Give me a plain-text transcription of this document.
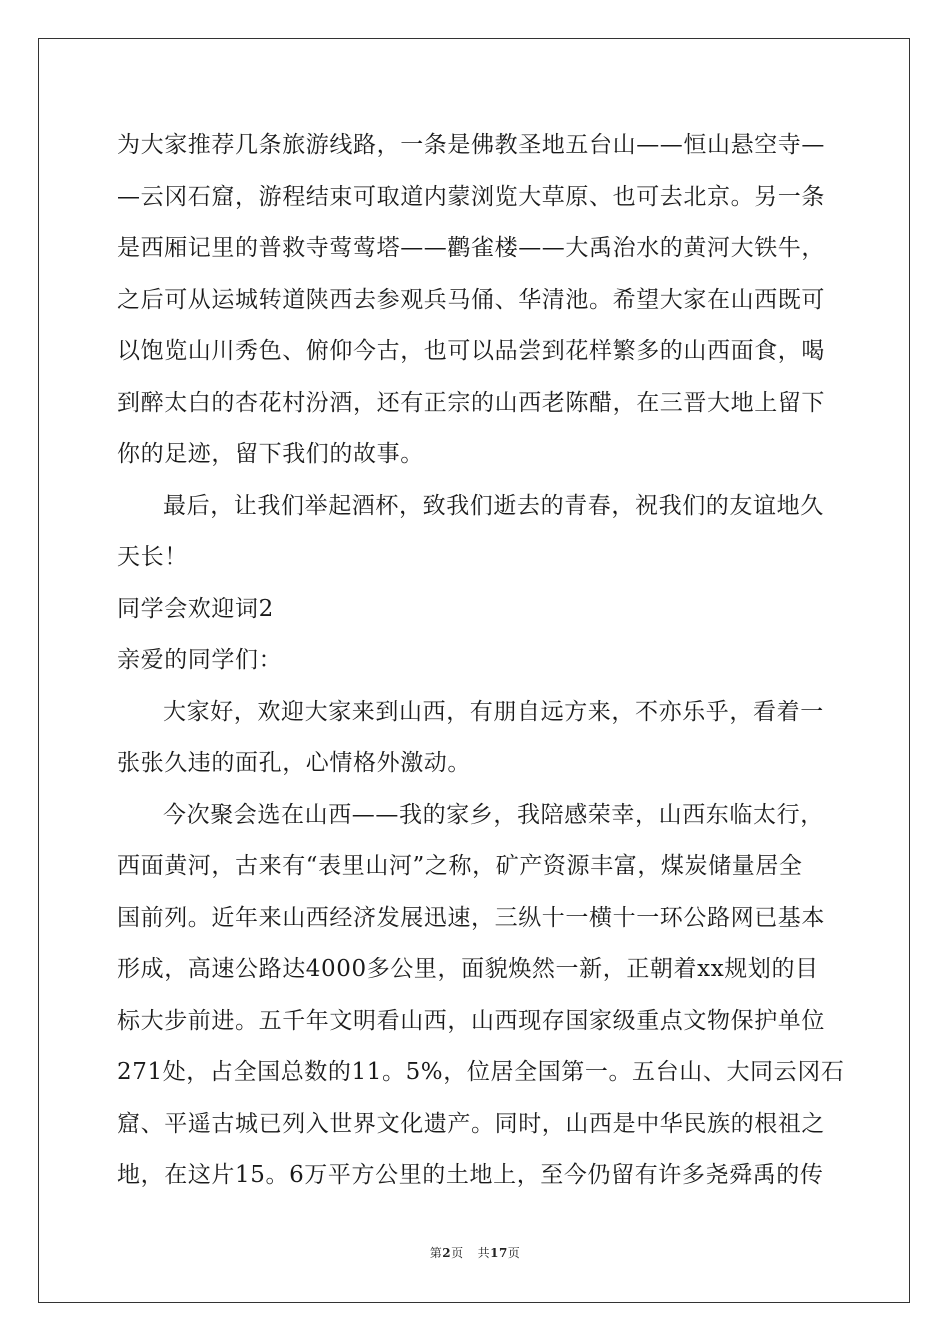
为大家推荐几条旅游线路，一条是佛教圣地五台山——恒山悬空寺—
—云冈石窟，游程结束可取道内蒙浏览大草原、也可去北京。另一条
是西厢记里的普救寺莺莺塔——鹳雀楼——大禹治水的黄河大铁牛，
之后可从运城转道陕西去参观兵马俑、华清池。希望大家在山西既可
以饱览山川秀色、俯仰今古，也可以品尝到花样繁多的山西面食，喝
到醉太白的杏花村汾酒，还有正宗的山西老陈醋，在三晋大地上留下
你的足迹，留下我们的故事。
最后，让我们举起酒杯，致我们逝去的青春，祝我们的友谊地久
天长！
同学会欢迎词2
亲爱的同学们：
大家好，欢迎大家来到山西，有朋自远方来，不亦乐乎，看着一
张张久违的面孔，心情格外激动。
今次聚会选在山西——我的家乡，我陪感荣幸，山西东临太行，
西面黄河，古来有“表里山河”之称，矿产资源丰富，煤炭储量居全
国前列。近年来山西经济发展迅速，三纵十一横十一环公路网已基本
形成，高速公路达4000多公里，面貌焕然一新，正朝着xx规划的目
标大步前进。五千年文明看山西，山西现存国家级重点文物保护单位
271处，占全国总数的11。5%，位居全国第一。五台山、大同云冈石
窟、平遥古城已列入世界文化遗产。同时，山西是中华民族的根祖之
地，在这片15。6万平方公里的土地上，至今仍留有许多尧舜禹的传
第2页 共17页
